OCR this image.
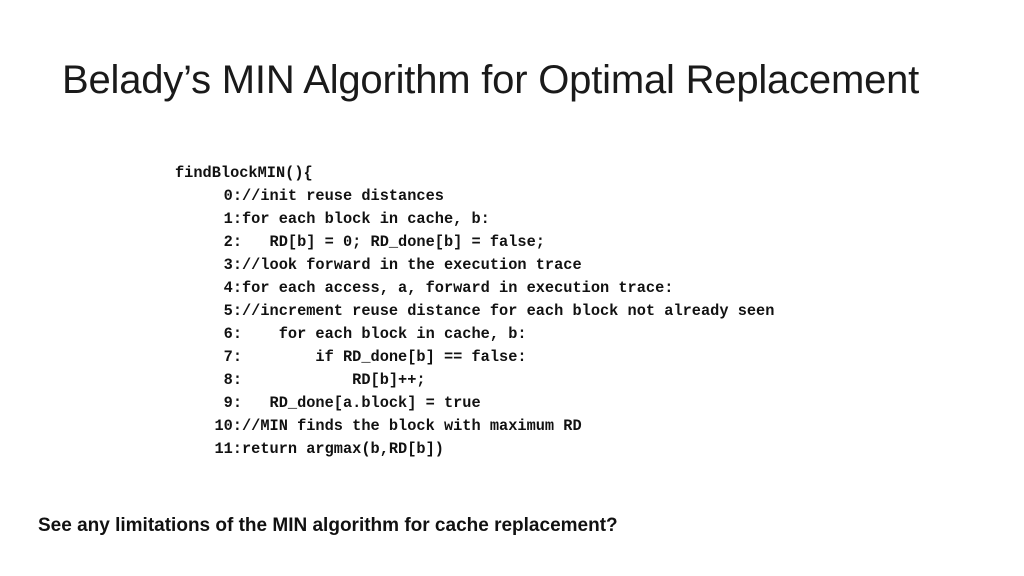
Belady’s MIN Algorithm for Optimal Replacement
findBlockMIN(){
0: //init reuse distances
1: for each block in cache, b:
2: RD[b] = 0; RD_done[b] = false;
3: //look forward in the execution trace
4: for each access, a, forward in execution trace:
5: //increment reuse distance for each block not already seen
6: for each block in cache, b:
7: if RD_done[b] == false:
8: RD[b]++;
9: RD_done[a.block] = true
10: //MIN finds the block with maximum RD
11: return argmax(b,RD[b])

See any limitations of the MIN algorithm for cache replacement?
